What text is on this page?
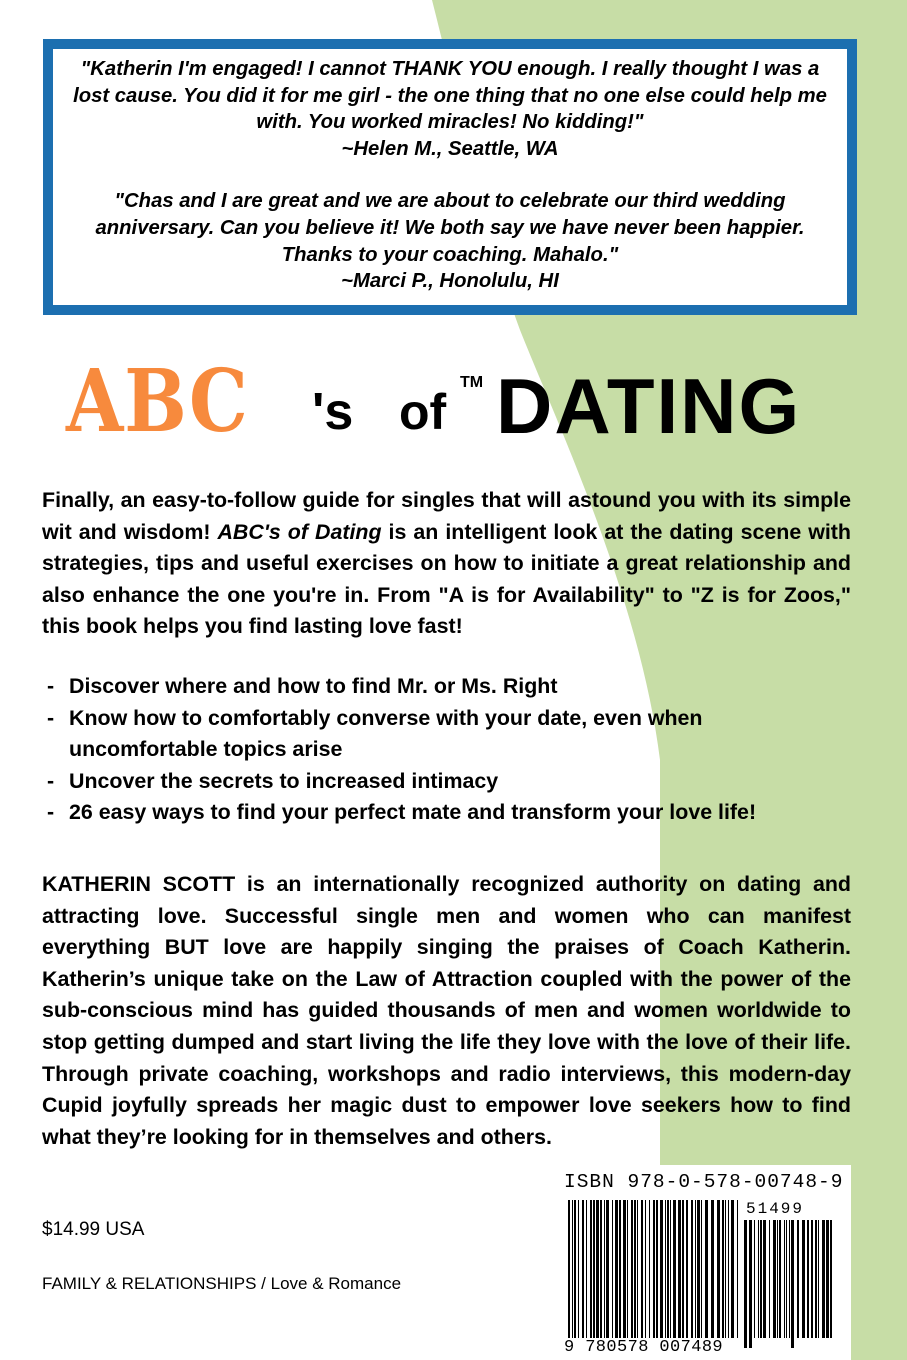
"Katherin I'm engaged! I cannot THANK YOU enough. I really thought I was a lost cause. You did it for me girl - the one thing that no one else could help me with. You worked miracles! No kidding!"
~Helen M., Seattle, WA

"Chas and I are great and we are about to celebrate our third wedding anniversary. Can you believe it! We both say we have never been happier. Thanks to your coaching. Mahalo."
~Marci P., Honolulu, HI

ABC 's of
TM DATING

Finally, an easy-to-follow guide for singles that will astound you with its simple wit and wisdom! ABC's of Dating is an intelligent look at the dating scene with strategies, tips and useful exercises on how to initiate a great relationship and also enhance the one you're in. From "A is for Availability" to "Z is for Zoos," this book helps you find lasting love fast!

- Discover where and how to find Mr. or Ms. Right
- Know how to comfortably converse with your date, even when uncomfortable topics arise
- Uncover the secrets to increased intimacy
- 26 easy ways to find your perfect mate and transform your love life!

KATHERIN SCOTT is an internationally recognized authority on dating and attracting love. Successful single men and women who can manifest everything BUT love are happily singing the praises of Coach Katherin. Katherin’s unique take on the Law of Attraction coupled with the power of the sub-conscious mind has guided thousands of men and women worldwide to stop getting dumped and start living the life they love with the love of their life. Through private coaching, workshops and radio interviews, this modern-day Cupid joyfully spreads her magic dust to empower love seekers how to find what they’re looking for in themselves and others.

$14.99 USA
FAMILY & RELATIONSHIPS / Love & Romance
ISBN 978-0-578-00748-9
51499
9 780578 007489
